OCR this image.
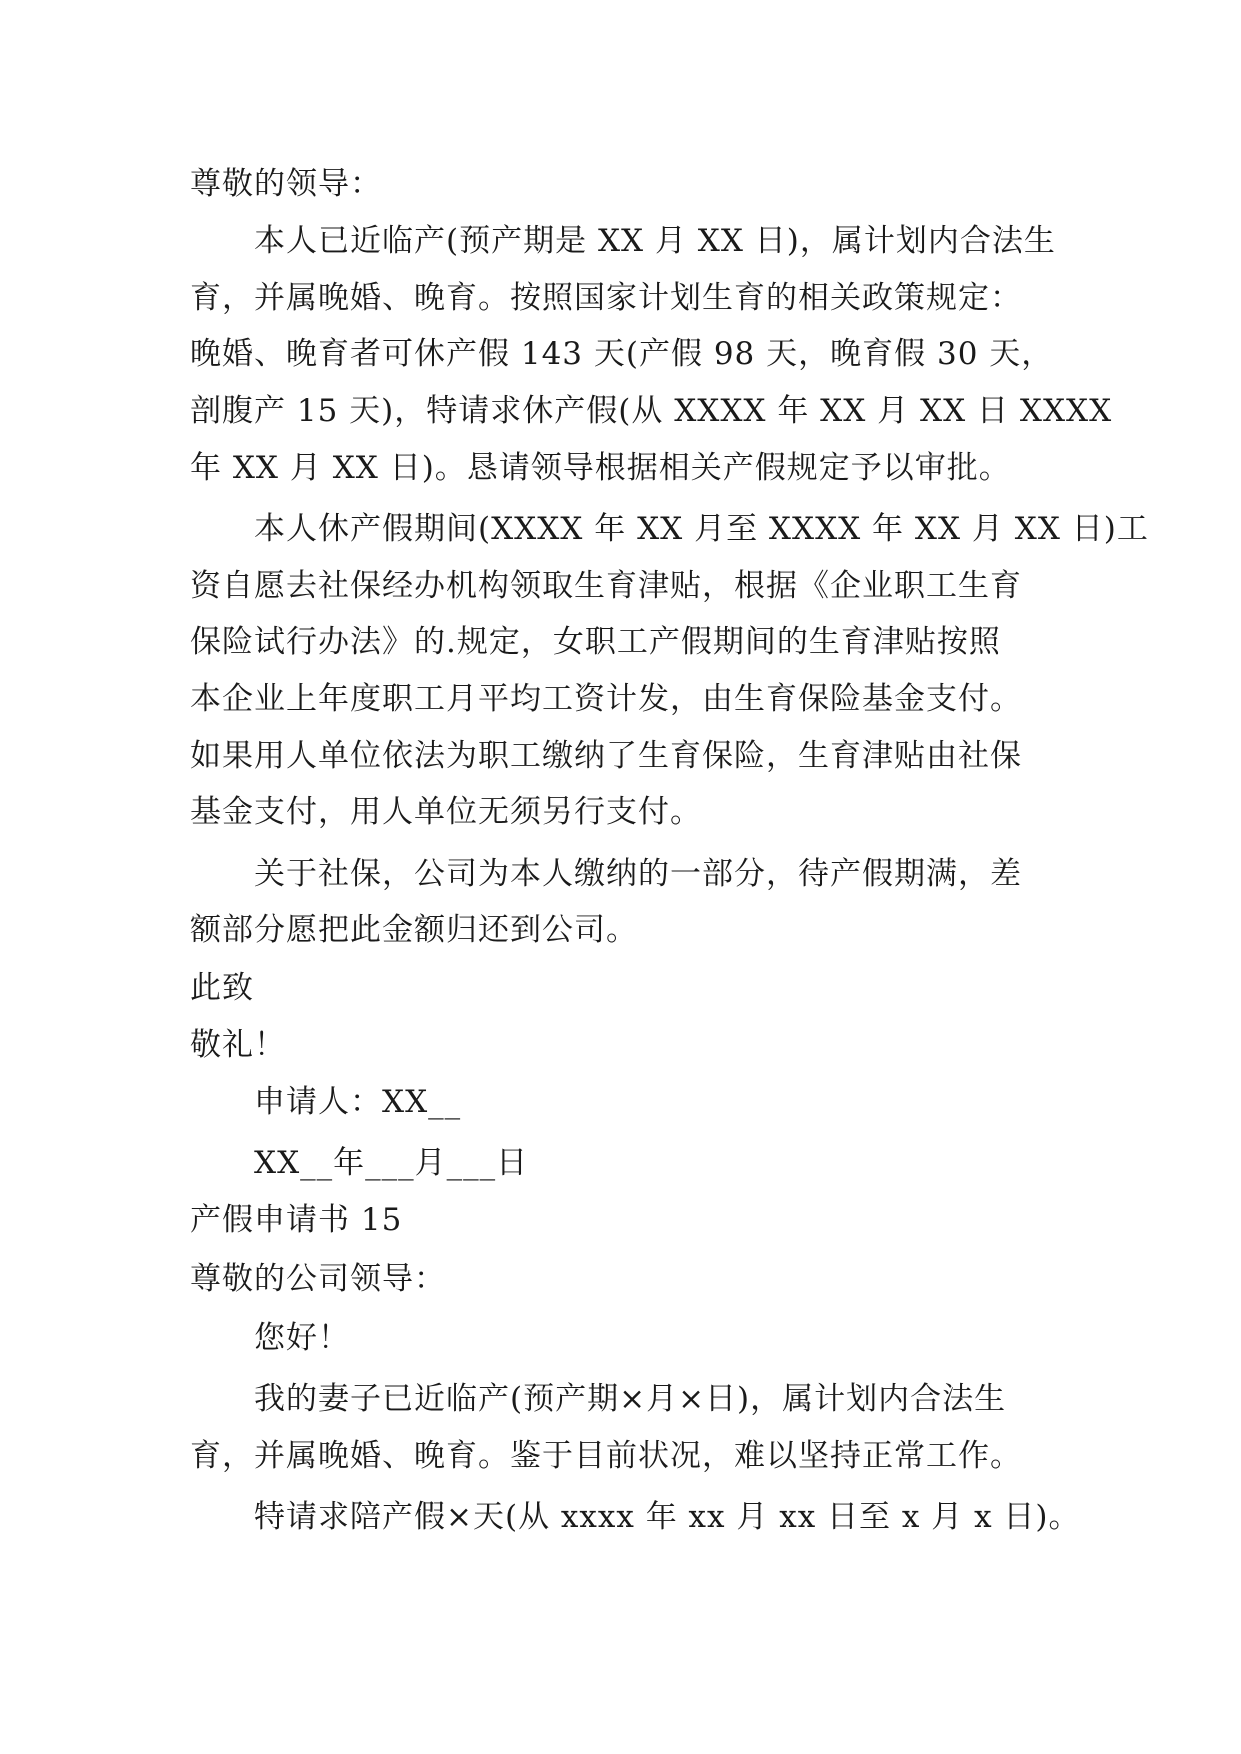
尊敬的领导：
本人已近临产(预产期是 XX 月 XX 日)，属计划内合法生
育，并属晚婚、晚育。按照国家计划生育的相关政策规定：
晚婚、晚育者可休产假 143 天(产假 98 天，晚育假 30 天，
剖腹产 15 天)，特请求休产假(从 XXXX 年 XX 月 XX 日 XXXX
年 XX 月 XX 日)。恳请领导根据相关产假规定予以审批。
本人休产假期间(XXXX 年 XX 月至 XXXX 年 XX 月 XX 日)工
资自愿去社保经办机构领取生育津贴，根据《企业职工生育
保险试行办法》的.规定，女职工产假期间的生育津贴按照
本企业上年度职工月平均工资计发，由生育保险基金支付。
如果用人单位依法为职工缴纳了生育保险，生育津贴由社保
基金支付，用人单位无须另行支付。
关于社保，公司为本人缴纳的一部分，待产假期满，差
额部分愿把此金额归还到公司。
此致
敬礼！
申请人：XX__
XX__年___月___日
产假申请书 15
尊敬的公司领导：
您好！
我的妻子已近临产(预产期×月×日)，属计划内合法生
育，并属晚婚、晚育。鉴于目前状况，难以坚持正常工作。
特请求陪产假×天(从 xxxx 年 xx 月 xx 日至 x 月 x 日)。
